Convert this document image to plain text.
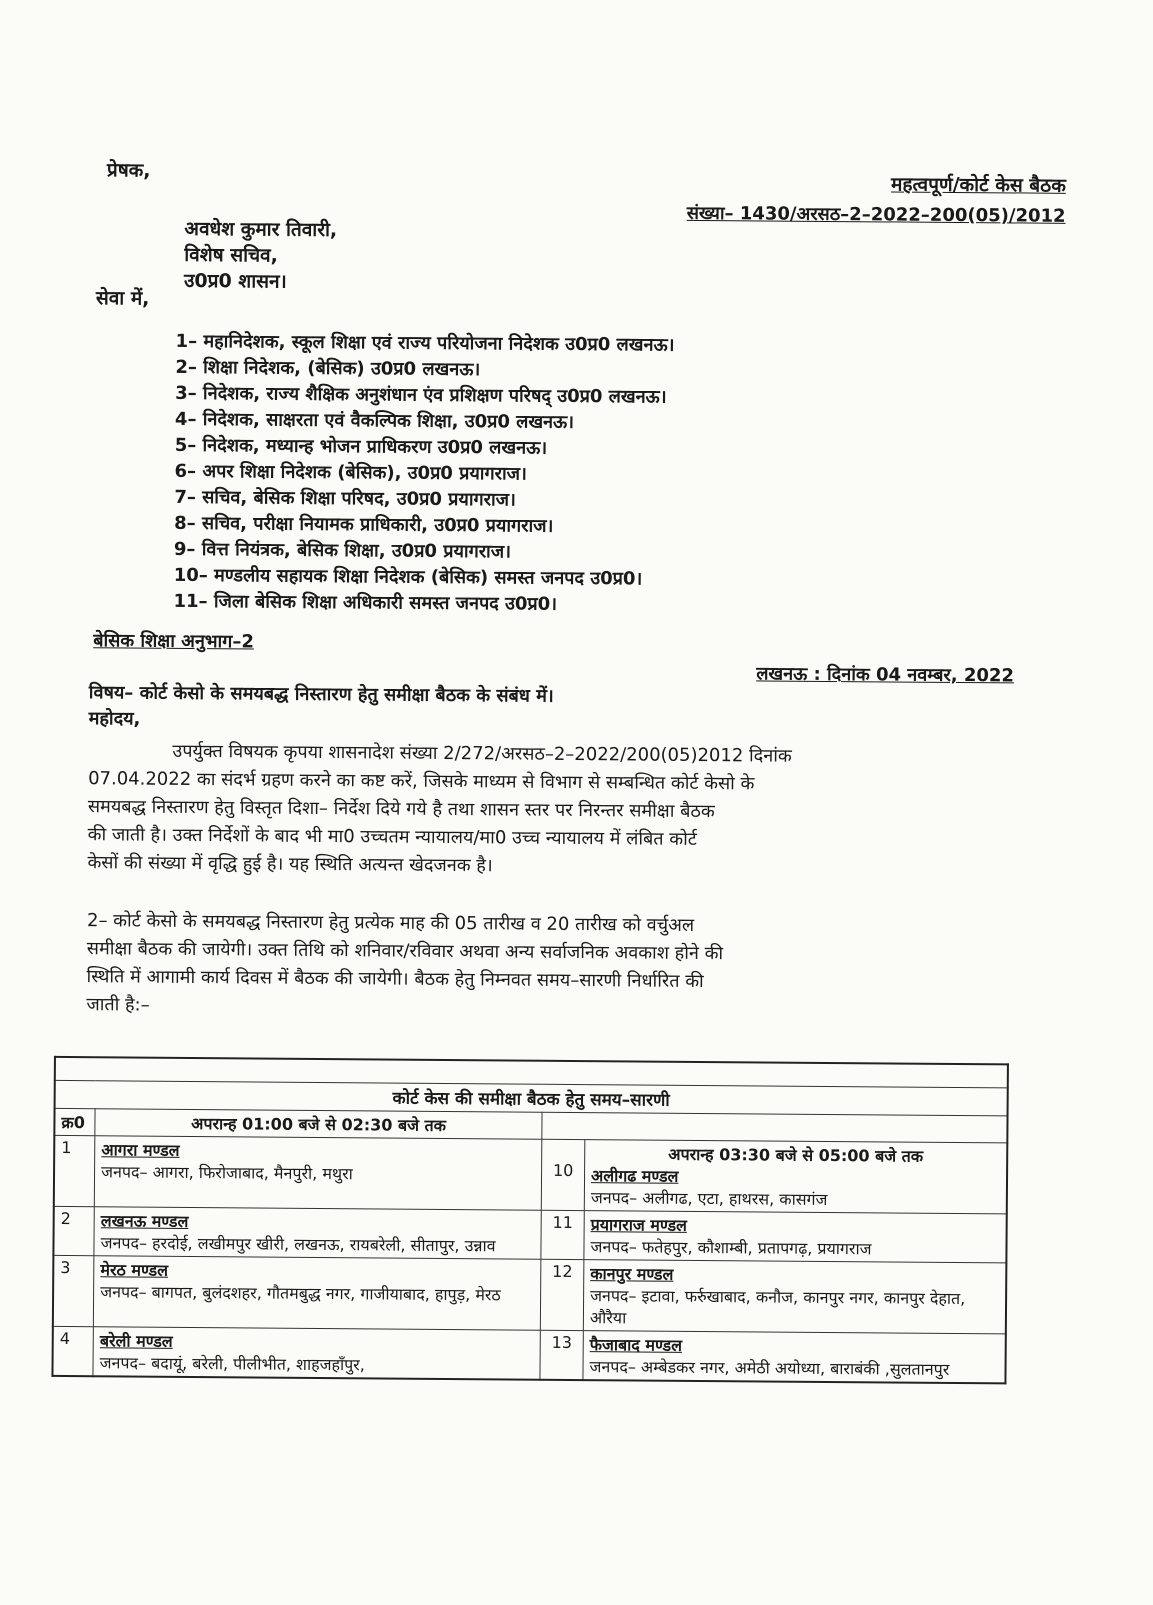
प्रेषक,
महत्वपूर्ण/कोर्ट केस बैठक
संख्या– 1430/अरसठ–2–2022–200(05)/2012
अवधेश कुमार तिवारी,
विशेष सचिव,
उ0प्र0 शासन।
सेवा में,
1– महानिदेशक, स्कूल शिक्षा एवं राज्य परियोजना निदेशक उ0प्र0 लखनऊ।
2– शिक्षा निदेशक, (बेसिक) उ0प्र0 लखनऊ।
3– निदेशक, राज्य शैक्षिक अनुशंधान एंव प्रशिक्षण परिषद् उ0प्र0 लखनऊ।
4– निदेशक, साक्षरता एवं वैकल्पिक शिक्षा, उ0प्र0 लखनऊ।
5– निदेशक, मध्यान्ह भोजन प्राधिकरण उ0प्र0 लखनऊ।
6– अपर शिक्षा निदेशक (बेसिक), उ0प्र0 प्रयागराज।
7– सचिव, बेसिक शिक्षा परिषद, उ0प्र0 प्रयागराज।
8– सचिव, परीक्षा नियामक प्राधिकारी, उ0प्र0 प्रयागराज।
9– वित्त नियंत्रक, बेसिक शिक्षा, उ0प्र0 प्रयागराज।
10– मण्डलीय सहायक शिक्षा निदेशक (बेसिक) समस्त जनपद उ0प्र0।
11– जिला बेसिक शिक्षा अधिकारी समस्त जनपद उ0प्र0।
बेसिक शिक्षा अनुभाग–2
लखनऊ : दिनांक 04 नवम्बर, 2022
विषय– कोर्ट केसो के समयबद्ध निस्तारण हेतु समीक्षा बैठक के संबंध में।
महोदय,
उपर्युक्त विषयक कृपया शासनादेश संख्या 2/272/अरसठ–2–2022/200(05)2012 दिनांक
07.04.2022 का संदर्भ ग्रहण करने का कष्ट करें, जिसके माध्यम से विभाग से सम्बन्धित कोर्ट केसो के
समयबद्ध निस्तारण हेतु विस्तृत दिशा– निर्देश दिये गये है तथा शासन स्तर पर निरन्तर समीक्षा बैठक
की जाती है। उक्त निर्देशों के बाद भी मा0 उच्चतम न्यायालय/मा0 उच्च न्यायालय में लंबित कोर्ट
केसों की संख्या में वृद्धि हुई है। यह स्थिति अत्यन्त खेदजनक है।
2– कोर्ट केसो के समयबद्ध निस्तारण हेतु प्रत्येक माह की 05 तारीख व 20 तारीख को वर्चुअल
समीक्षा बैठक की जायेगी। उक्त तिथि को शनिवार/रविवार अथवा अन्य सर्वाजनिक अवकाश होने की
स्थिति में आगामी कार्य दिवस में बैठक की जायेगी। बैठक हेतु निम्नवत समय–सारणी निर्धारित की
जाती है:–

कोर्ट केस की समीक्षा बैठक हेतु समय–सारणी			
क्र0	अपरान्ह 01:00 बजे से 02:30 बजे तक		
1	आगरा मण्डल
जनपद– आगरा, फिरोजाबाद, मैनपुरी, मथुरा	10	अपरान्ह 03:30 बजे से 05:00 बजे तक
अलीगढ मण्डल
जनपद– अलीगढ, एटा, हाथरस, कासगंज

2	लखनऊ मण्डल
जनपद– हरदोई, लखीमपुर खीरी, लखनऊ, रायबरेली, सीतापुर, उन्नाव	11	प्रयागराज मण्डल
जनपद– फतेहपुर, कौशाम्बी, प्रतापगढ़, प्रयागराज

3	मेरठ मण्डल
जनपद– बागपत, बुलंदशहर, गौतमबुद्ध नगर, गाजीयाबाद, हापुड़, मेरठ	12	कानपुर मण्डल
जनपद– इटावा, फर्रुखाबाद, कनौज, कानपुर नगर, कानपुर देहात, औरैया

4	बरेली मण्डल
जनपद– बदायूं, बरेली, पीलीभीत, शाहजहाँपुर,	13	फैजाबाद मण्डल
जनपद– अम्बेडकर नगर, अमेठी अयोध्या, बाराबंकी ,सुलतानपुर
